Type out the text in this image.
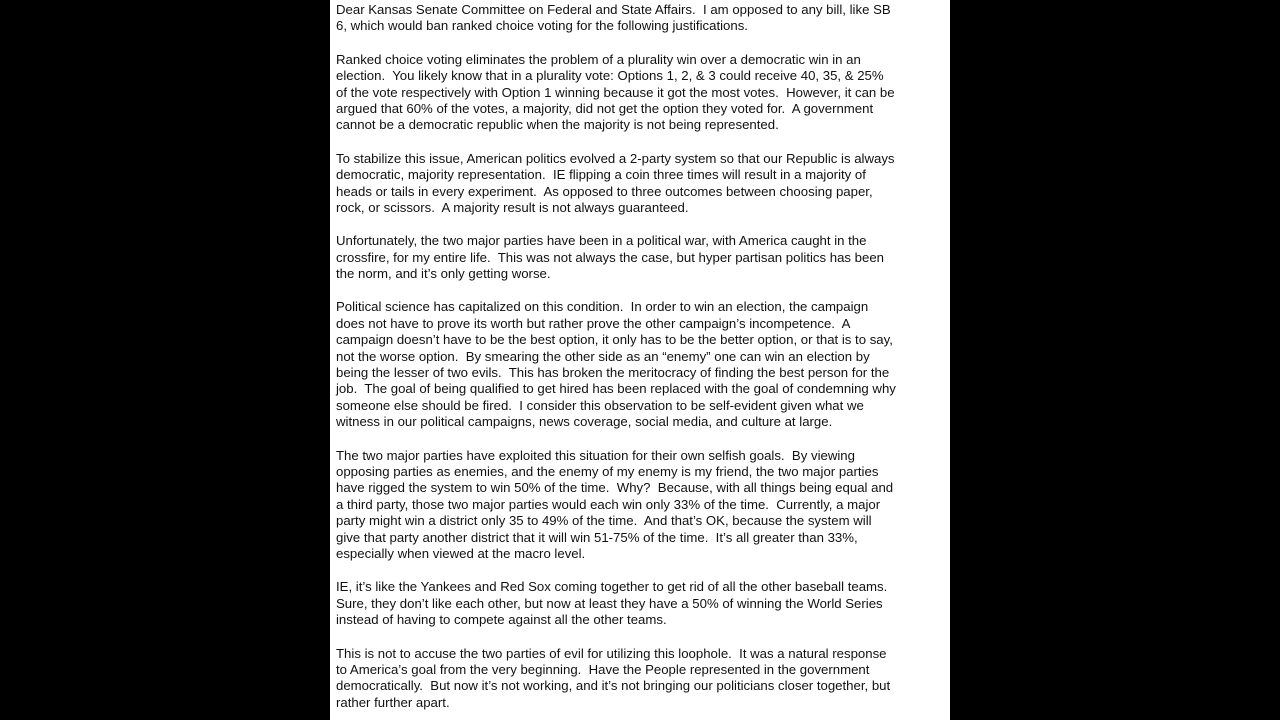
Dear Kansas Senate Committee on Federal and State Affairs.  I am opposed to any bill, like SB
6, which would ban ranked choice voting for the following justifications.
Ranked choice voting eliminates the problem of a plurality win over a democratic win in an
election.  You likely know that in a plurality vote: Options 1, 2, & 3 could receive 40, 35, & 25%
of the vote respectively with Option 1 winning because it got the most votes.  However, it can be
argued that 60% of the votes, a majority, did not get the option they voted for.  A government
cannot be a democratic republic when the majority is not being represented.
To stabilize this issue, American politics evolved a 2-party system so that our Republic is always
democratic, majority representation.  IE flipping a coin three times will result in a majority of
heads or tails in every experiment.  As opposed to three outcomes between choosing paper,
rock, or scissors.  A majority result is not always guaranteed.
Unfortunately, the two major parties have been in a political war, with America caught in the
crossfire, for my entire life.  This was not always the case, but hyper partisan politics has been
the norm, and it’s only getting worse.
Political science has capitalized on this condition.  In order to win an election, the campaign
does not have to prove its worth but rather prove the other campaign’s incompetence.  A
campaign doesn’t have to be the best option, it only has to be the better option, or that is to say,
not the worse option.  By smearing the other side as an “enemy” one can win an election by
being the lesser of two evils.  This has broken the meritocracy of finding the best person for the
job.  The goal of being qualified to get hired has been replaced with the goal of condemning why
someone else should be fired.  I consider this observation to be self-evident given what we
witness in our political campaigns, news coverage, social media, and culture at large.
The two major parties have exploited this situation for their own selfish goals.  By viewing
opposing parties as enemies, and the enemy of my enemy is my friend, the two major parties
have rigged the system to win 50% of the time.  Why?  Because, with all things being equal and
a third party, those two major parties would each win only 33% of the time.  Currently, a major
party might win a district only 35 to 49% of the time.  And that’s OK, because the system will
give that party another district that it will win 51-75% of the time.  It’s all greater than 33%,
especially when viewed at the macro level.
IE, it’s like the Yankees and Red Sox coming together to get rid of all the other baseball teams.
Sure, they don’t like each other, but now at least they have a 50% of winning the World Series
instead of having to compete against all the other teams.
This is not to accuse the two parties of evil for utilizing this loophole.  It was a natural response
to America’s goal from the very beginning.  Have the People represented in the government
democratically.  But now it’s not working, and it’s not bringing our politicians closer together, but
rather further apart.
